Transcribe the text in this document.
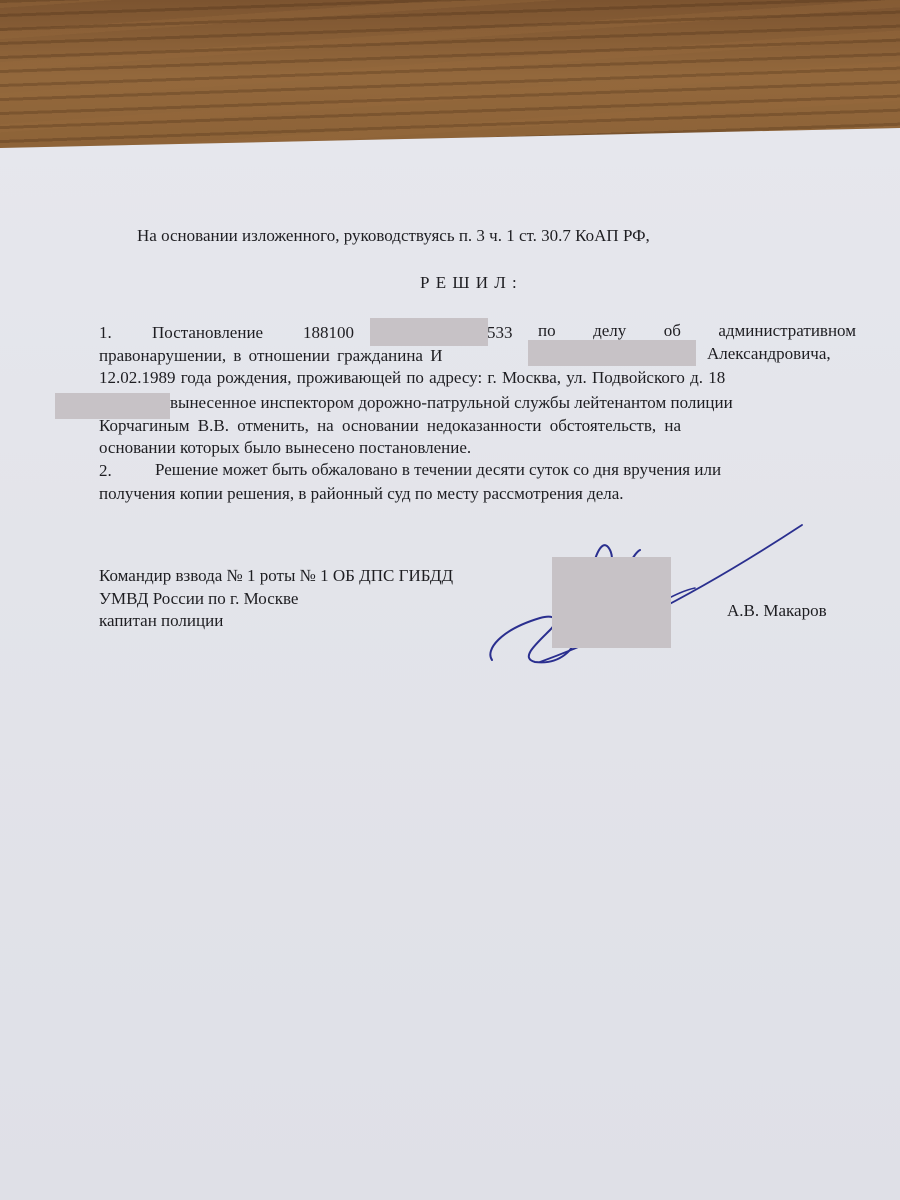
На основании изложенного, руководствуясь п. 3 ч. 1 ст. 30.7 КоАП РФ,
Р Е Ш И Л :
1. Постановление 188100	533 по делу об административном
правонарушении, в отношении гражданина И	Александровича,
12.02.1989 года рождения, проживающей по адресу: г. Москва, ул. Подвойского д. 18
вынесенное инспектором дорожно-патрульной службы лейтенантом полиции
Корчагиным В.В. отменить, на основании недоказанности обстоятельств, на
основании которых было вынесено постановление.
2.	Решение может быть обжаловано в течении десяти суток со дня вручения или
получения копии решения, в районный суд по месту рассмотрения дела.
Командир взвода № 1 роты № 1 ОБ ДПС ГИБДД
УМВД России по г. Москве
капитан полиции
А.В. Макаров
